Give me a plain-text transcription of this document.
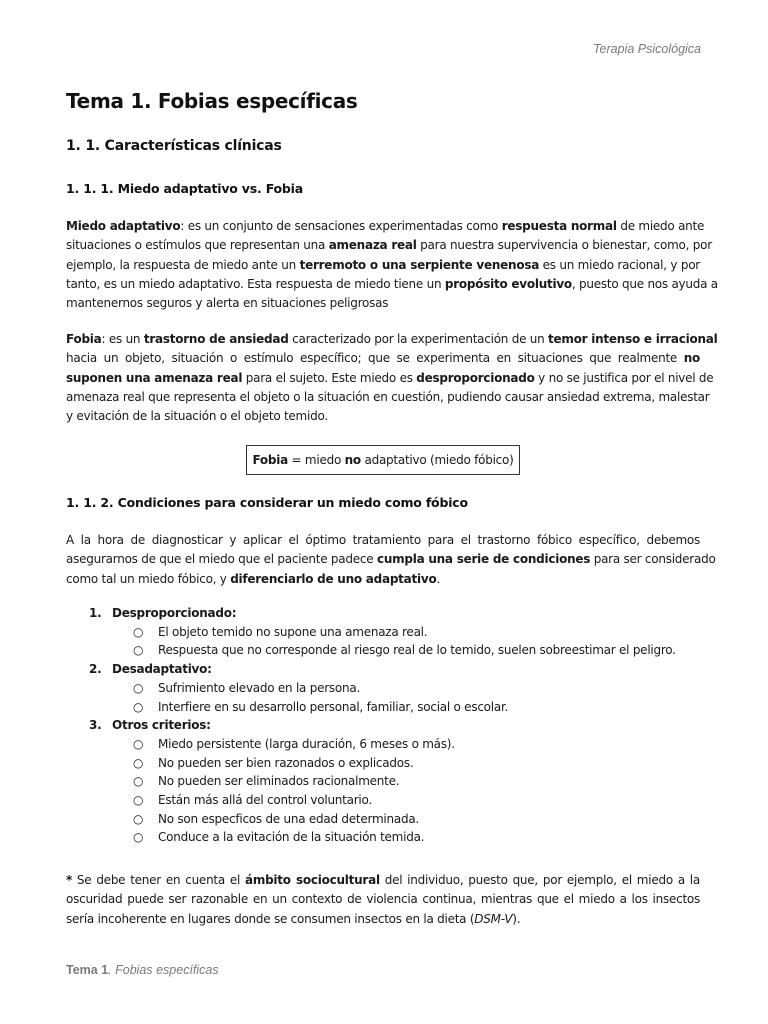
Terapia Psicológica
Tema 1. Fobias específicas
1. 1. Características clínicas
1. 1. 1. Miedo adaptativo vs. Fobia
Miedo adaptativo: es un conjunto de sensaciones experimentadas como respuesta normal de miedo ante
situaciones o estímulos que representan una amenaza real para nuestra supervivencia o bienestar, como, por
ejemplo, la respuesta de miedo ante un terremoto o una serpiente venenosa es un miedo racional, y por
tanto, es un miedo adaptativo. Esta respuesta de miedo tiene un propósito evolutivo, puesto que nos ayuda a
mantenernos seguros y alerta en situaciones peligrosas
Fobia: es un trastorno de ansiedad caracterizado por la experimentación de un temor intenso e irracional
hacia un objeto, situación o estímulo específico; que se experimenta en situaciones que realmente no
suponen una amenaza real para el sujeto. Este miedo es desproporcionado y no se justifica por el nivel de
amenaza real que representa el objeto o la situación en cuestión, pudiendo causar ansiedad extrema, malestar
y evitación de la situación o el objeto temido.
Fobia = miedo no adaptativo (miedo fóbico)
1. 1. 2. Condiciones para considerar un miedo como fóbico
A la hora de diagnosticar y aplicar el óptimo tratamiento para el trastorno fóbico específico, debemos
asegurarnos de que el miedo que el paciente padece cumpla una serie de condiciones para ser considerado
como tal un miedo fóbico, y diferenciarlo de uno adaptativo.
1. Desproporcionado:
○ El objeto temido no supone una amenaza real.
○ Respuesta que no corresponde al riesgo real de lo temido, suelen sobreestimar el peligro.
2. Desadaptativo:
○ Sufrimiento elevado en la persona.
○ Interfiere en su desarrollo personal, familiar, social o escolar.
3. Otros criterios:
○ Miedo persistente (larga duración, 6 meses o más).
○ No pueden ser bien razonados o explicados.
○ No pueden ser eliminados racionalmente.
○ Están más allá del control voluntario.
○ No son especficos de una edad determinada.
○ Conduce a la evitación de la situación temida.
* Se debe tener en cuenta el ámbito sociocultural del individuo, puesto que, por ejemplo, el miedo a la
oscuridad puede ser razonable en un contexto de violencia continua, mientras que el miedo a los insectos
sería incoherente en lugares donde se consumen insectos en la dieta (DSM-V).
Tema 1. Fobias específicas
